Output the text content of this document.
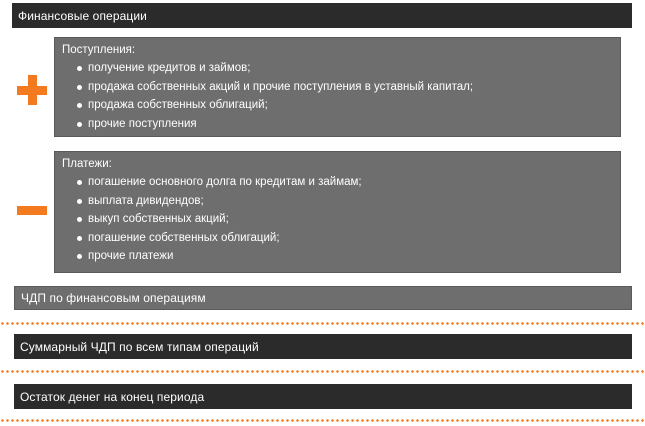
Финансовые операции
Поступления:
получение кредитов и займов;
продажа собственных акций и прочие поступления в уставный капитал;
продажа собственных облигаций;
прочие поступления
Платежи:
погашение основного долга по кредитам и займам;
выплата дивидендов;
выкуп собственных акций;
погашение собственных облигаций;
прочие платежи
ЧДП по финансовым операциям
Суммарный ЧДП по всем типам операций
Остаток денег на конец периода
